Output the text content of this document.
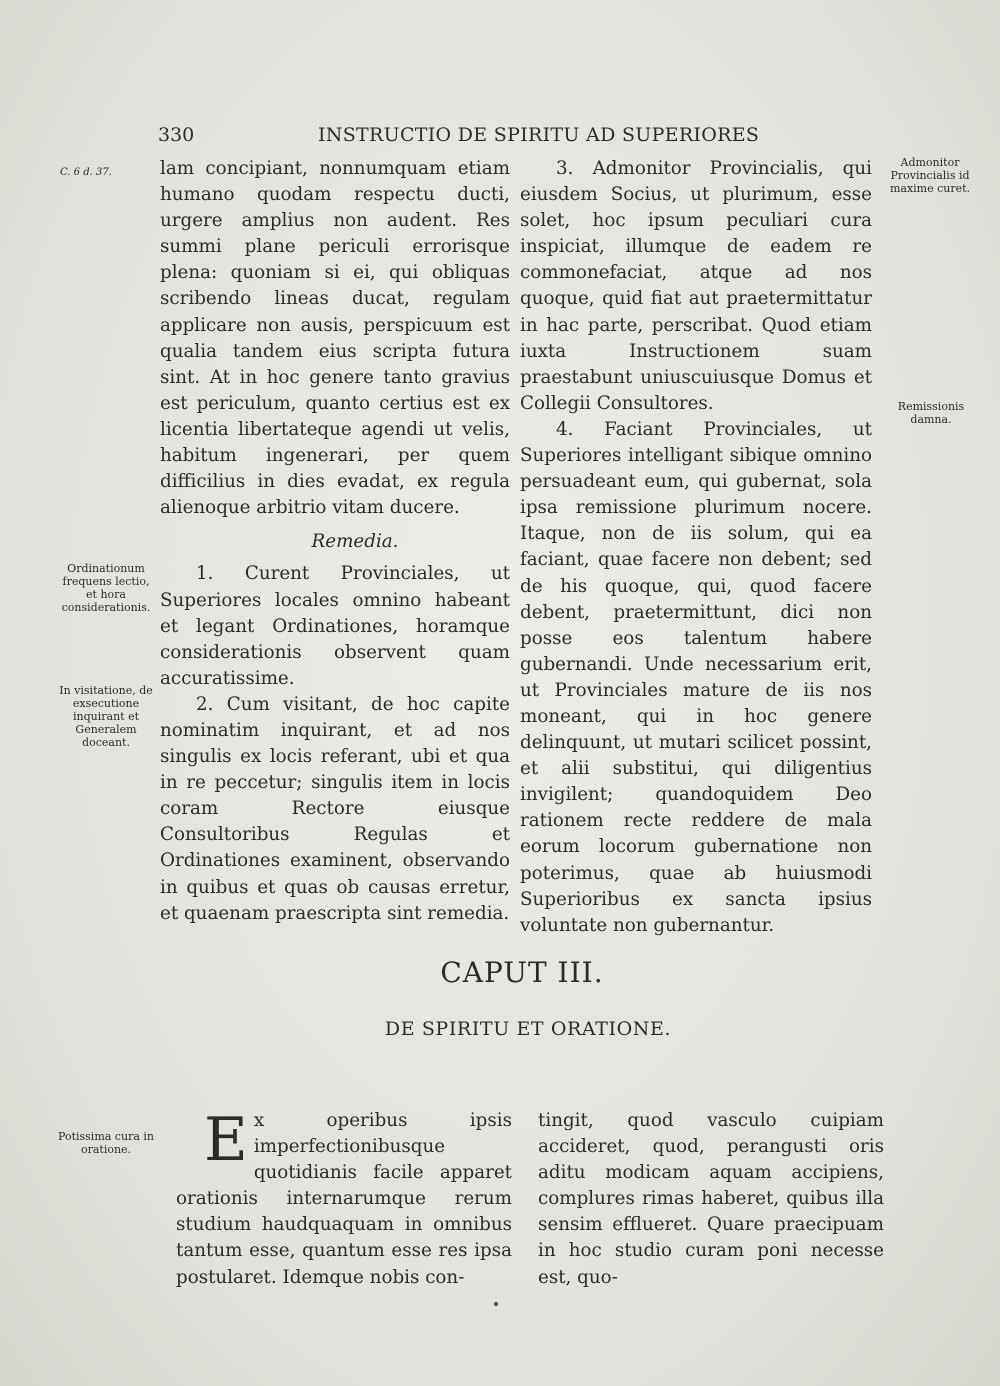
330	INSTRUCTIO DE SPIRITU AD SUPERIORES
C. 6 d. 37.
Admonitor Provincialis id maxime curet.
Remissionis damna.
Ordinationum frequens lectio, et hora considerationis.
In visitatione, de exsecutione inquirant et Generalem doceant.
Potissima cura in oratione.

lam concipiant, nonnumquam etiam humano quodam respectu ducti, urgere amplius non audent. Res summi plane periculi errorisque plena: quoniam si ei, qui obliquas scribendo lineas ducat, regulam applicare non ausis, perspicuum est qualia tandem eius scripta futura sint. At in hoc genere tanto gravius est periculum, quanto certius est ex licentia libertateque agendi ut velis, habitum ingenerari, per quem difficilius in dies evadat, ex regula alienoque arbitrio vitam ducere.

Remedia.

1. Curent Provinciales, ut Superiores locales omnino habeant et legant Ordinationes, horamque considerationis observent quam accuratissime.

2. Cum visitant, de hoc capite nominatim inquirant, et ad nos singulis ex locis referant, ubi et qua in re peccetur; singulis item in locis coram Rectore eiusque Consultoribus Regulas et Ordinationes examinent, observando in quibus et quas ob causas erretur, et quaenam praescripta sint remedia.

3. Admonitor Provincialis, qui eiusdem Socius, ut plurimum, esse solet, hoc ipsum peculiari cura inspiciat, illumque de eadem re commonefaciat, atque ad nos quoque, quid fiat aut praetermittatur in hac parte, perscribat. Quod etiam iuxta Instructionem suam praestabunt uniuscuiusque Domus et Collegii Consultores.

4. Faciant Provinciales, ut Superiores intelligant sibique omnino persuadeant eum, qui gubernat, sola ipsa remissione plurimum nocere. Itaque, non de iis solum, qui ea faciant, quae facere non debent; sed de his quoque, qui, quod facere debent, praetermittunt, dici non posse eos talentum habere gubernandi. Unde necessarium erit, ut Provinciales mature de iis nos moneant, qui in hoc genere delinquunt, ut mutari scilicet possint, et alii substitui, qui diligentius invigilent; quandoquidem Deo rationem recte reddere de mala eorum locorum gubernatione non poterimus, quae ab huiusmodi Superioribus ex sancta ipsius voluntate non gubernantur.

CAPUT III.
DE SPIRITU ET ORATIONE.
E x operibus ipsis imperfectionibusque quotidianis facile apparet orationis internarumque rerum studium haudquaquam in omnibus tantum esse, quantum esse res ipsa postularet. Idemque nobis con-
tingit, quod vasculo cuipiam accideret, quod, perangusti oris aditu modicam aquam accipiens, complures rimas haberet, quibus illa sensim efflueret. Quare praecipuam in hoc studio curam poni necesse est, quo-
